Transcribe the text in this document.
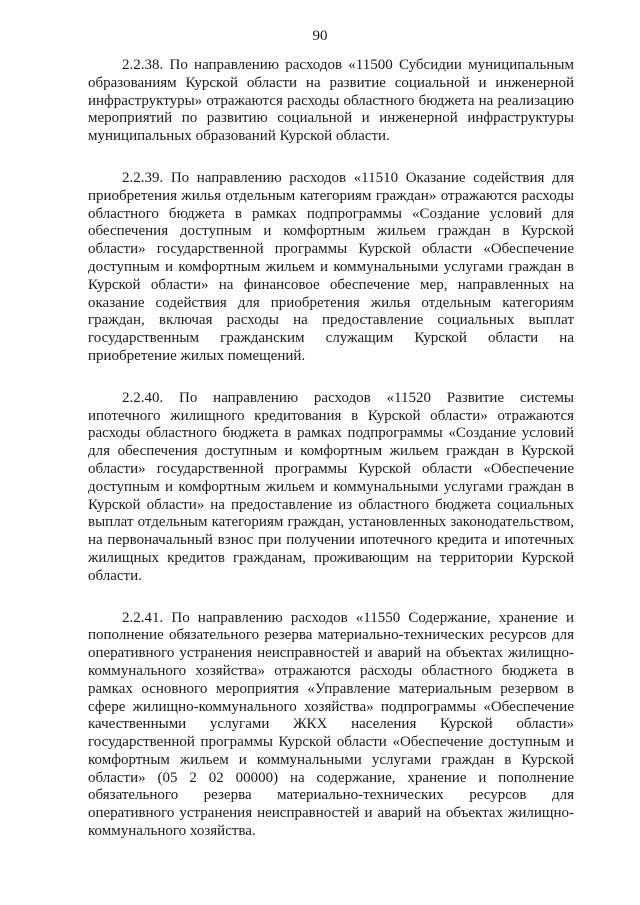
90

2.2.38. По направлению расходов «11500 Субсидии муниципальным образованиям Курской области на развитие социальной и инженерной инфраструктуры» отражаются расходы областного бюджета на реализацию мероприятий по развитию социальной и инженерной инфраструктуры муниципальных образований Курской области.

2.2.39. По направлению расходов «11510 Оказание содействия для приобретения жилья отдельным категориям граждан» отражаются расходы областного бюджета в рамках подпрограммы «Создание условий для обеспечения доступным и комфортным жильем граждан в Курской области» государственной программы Курской области «Обеспечение доступным и комфортным жильем и коммунальными услугами граждан в Курской области» на финансовое обеспечение мер, направленных на оказание содействия для приобретения жилья отдельным категориям граждан, включая расходы на предоставление социальных выплат государственным гражданским служащим Курской области на приобретение жилых помещений.

2.2.40. По направлению расходов «11520 Развитие системы ипотечного жилищного кредитования в Курской области» отражаются расходы областного бюджета в рамках подпрограммы «Создание условий для обеспечения доступным и комфортным жильем граждан в Курской области» государственной программы Курской области «Обеспечение доступным и комфортным жильем и коммунальными услугами граждан в Курской области» на предоставление из областного бюджета социальных выплат отдельным категориям граждан, установленных законодательством, на первоначальный взнос при получении ипотечного кредита и ипотечных жилищных кредитов гражданам, проживающим на территории Курской области.

2.2.41. По направлению расходов «11550 Содержание, хранение и пополнение обязательного резерва материально-технических ресурсов для оперативного устранения неисправностей и аварий на объектах жилищно-коммунального хозяйства» отражаются расходы областного бюджета в рамках основного мероприятия «Управление материальным резервом в сфере жилищно-коммунального хозяйства» подпрограммы «Обеспечение качественными услугами ЖКХ населения Курской области» государственной программы Курской области «Обеспечение доступным и комфортным жильем и коммунальными услугами граждан в Курской области» (05 2 02 00000) на содержание, хранение и пополнение обязательного резерва материально-технических ресурсов для оперативного устранения неисправностей и аварий на объектах жилищно-коммунального хозяйства.
